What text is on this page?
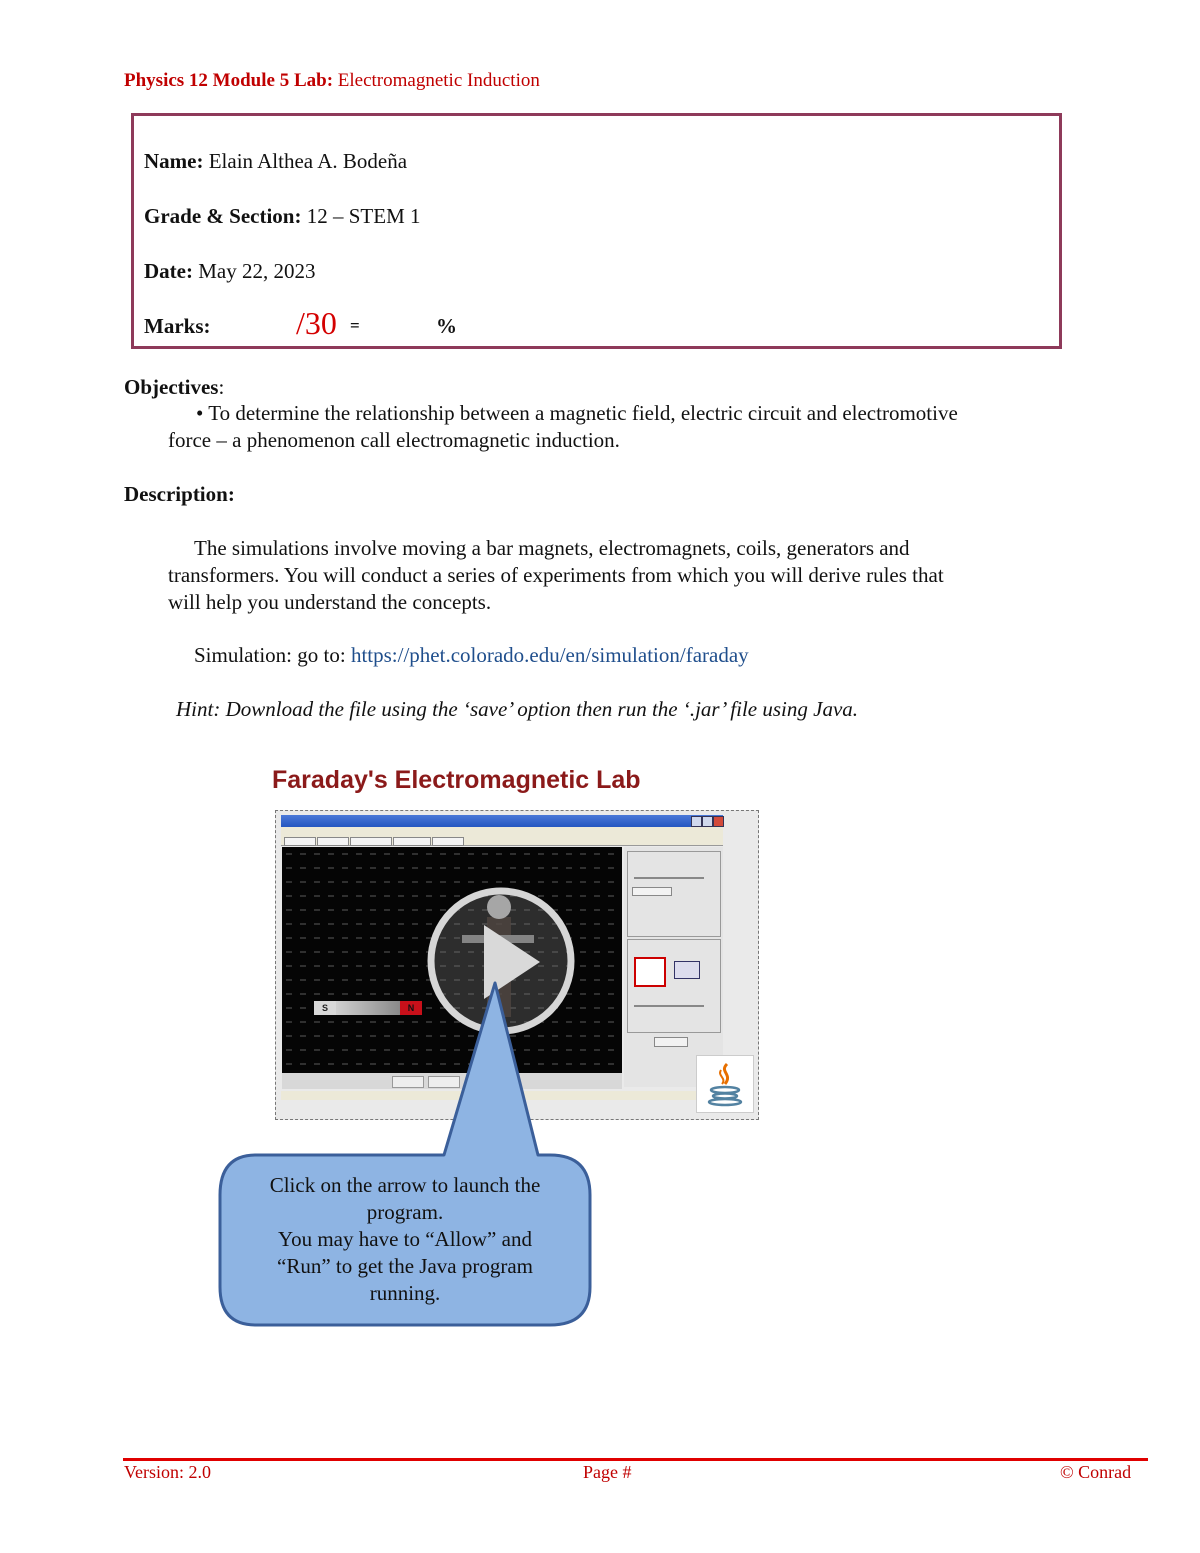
Physics 12 Module 5 Lab: Electromagnetic Induction
Name: Elain Althea A. Bodeña
Grade & Section: 12 – STEM 1
Date: May 22, 2023
Marks:	/30 =	%
Objectives:
• To determine the relationship between a magnetic field, electric circuit and electromotive
force – a phenomenon call electromagnetic induction.
Description:
The simulations involve moving a bar magnets, electromagnets, coils, generators and
transformers. You will conduct a series of experiments from which you will derive rules that
will help you understand the concepts.
Simulation: go to: https://phet.colorado.edu/en/simulation/faraday
Hint: Download the file using the ‘save’ option then run the ‘.jar’ file using Java.
Faraday's Electromagnetic Lab
S	N
Click on the arrow to launch the
program.
You may have to “Allow” and
“Run” to get the Java program
running.
Version: 2.0	Page #	© Conrad
